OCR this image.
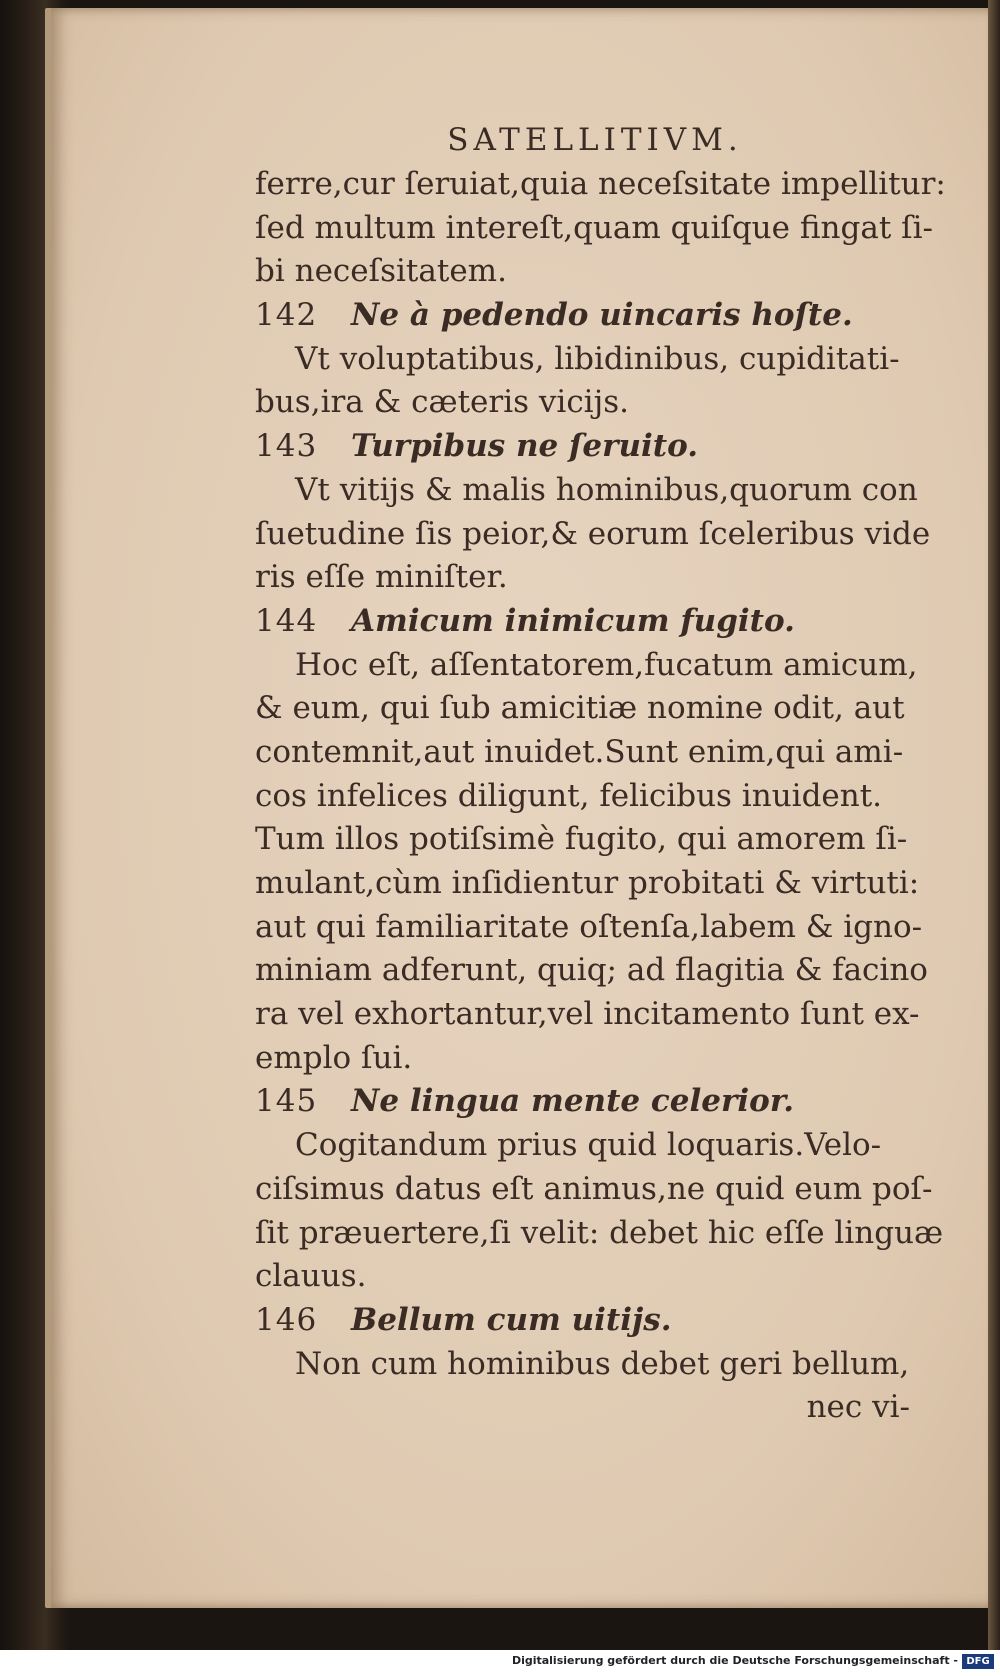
SATELLITIVM.
ferre,cur ſeruiat,quia neceſsitate impellitur:
ſed multum intereſt,quam quiſque fingat ſi-
bi neceſsitatem.
142 Ne à pedendo uincaris hoſte.
Vt voluptatibus, libidinibus, cupiditati-
bus,ira & cæteris vicijs.
143 Turpibus ne ſeruito.
Vt vitijs & malis hominibus,quorum con
ſuetudine ſis peior,& eorum ſceleribus vide
ris eſſe miniſter.
144 Amicum inimicum fugito.
Hoc eſt, aſſentatorem,fucatum amicum,
& eum, qui ſub amicitiæ nomine odit, aut
contemnit,aut inuidet.Sunt enim,qui ami-
cos infelices diligunt, felicibus inuident.
Tum illos potiſsimè fugito, qui amorem ſi-
mulant,cùm inſidientur probitati & virtuti:
aut qui familiaritate oſtenſa,labem & igno-
miniam adferunt, quiq; ad flagitia & facino
ra vel exhortantur,vel incitamento ſunt ex-
emplo ſui.
145 Ne lingua mente celerior.
Cogitandum prius quid loquaris.Velo-
ciſsimus datus eſt animus,ne quid eum poſ-
ſit præuertere,ſi velit: debet hic eſſe linguæ
clauus.
146 Bellum cum uitijs.
Non cum hominibus debet geri bellum,
nec vi-
Digitalisierung gefördert durch die Deutsche Forschungsgemeinschaft - DFG
